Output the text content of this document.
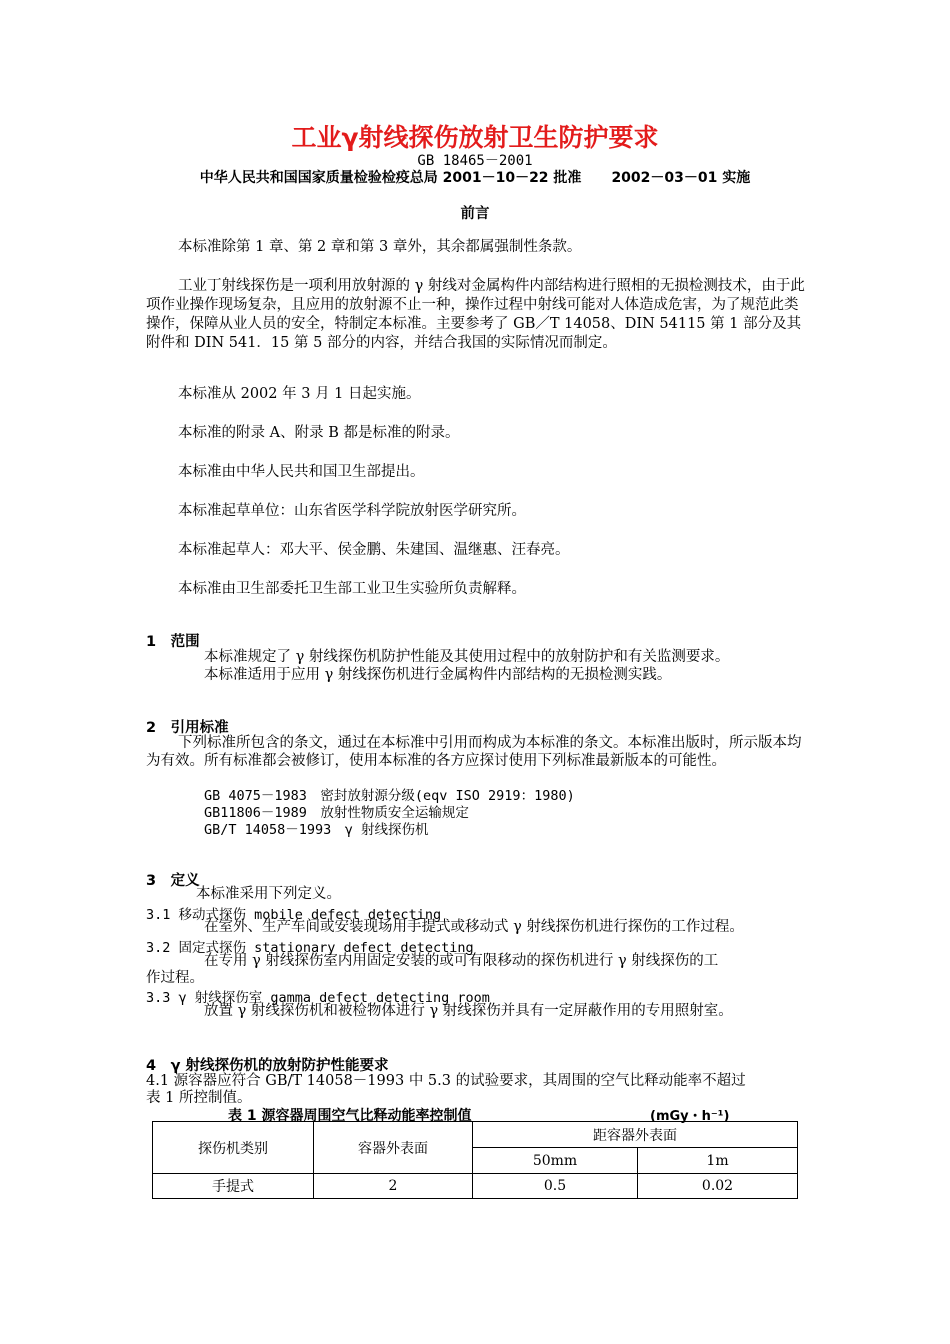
工业γ射线探伤放射卫生防护要求
GB 18465－2001
中华人民共和国国家质量检验检疫总局 2001－10－22 批准 2002－03－01 实施
前言
本标准除第 1 章、第 2 章和第 3 章外，其余都属强制性条款。
工业丁射线探伤是一项利用放射源的 γ 射线对金属构件内部结构进行照相的无损检测技术，由于此项作业操作现场复杂，且应用的放射源不止一种，操作过程中射线可能对人体造成危害，为了规范此类操作，保障从业人员的安全，特制定本标准。主要参考了 GB／T 14058、DIN 54115 第 1 部分及其附件和 DIN 541．15 第 5 部分的内容，并结合我国的实际情况而制定。
本标准从 2002 年 3 月 1 日起实施。
本标准的附录 A、附录 B 都是标准的附录。
本标准由中华人民共和国卫生部提出。
本标准起草单位：山东省医学科学院放射医学研究所。
本标准起草人：邓大平、侯金鹏、朱建国、温继惠、汪春亮。
本标准由卫生部委托卫生部工业卫生实验所负责解释。
1　范围
本标准规定了 γ 射线探伤机防护性能及其使用过程中的放射防护和有关监测要求。
本标准适用于应用 γ 射线探伤机进行金属构件内部结构的无损检测实践。
2　引用标准
下列标准所包含的条文，通过在本标准中引用而构成为本标准的条文。本标准出版时，所示版本均为有效。所有标准都会被修订，使用本标准的各方应探讨使用下列标准最新版本的可能性。
GB 4075－1983　密封放射源分级(eqv ISO 2919：1980)
GB11806－1989　放射性物质安全运输规定
GB/T 14058－1993　γ 射线探伤机
3　定义
本标准采用下列定义。
3.1 移动式探伤 mobile defect detecting
在室外、生产车间或安装现场用手提式或移动式 γ 射线探伤机进行探伤的工作过程。
3.2 固定式探伤 stationary defect detecting
在专用 γ 射线探伤室内用固定安装的或可有限移动的探伤机进行 γ 射线探伤的工
作过程。
3.3 γ 射线探伤室 gamma defect detecting room
放置 γ 射线探伤机和被检物体进行 γ 射线探伤并具有一定屏蔽作用的专用照射室。
4　γ 射线探伤机的放射防护性能要求
4.1 源容器应符合 GB/T 14058－1993 中 5.3 的试验要求，其周围的空气比释动能率不超过
表 1 所控制值。
表 1 源容器周围空气比释动能率控制值	(mGy・h⁻¹)
探伤机类别	容器外表面	距容器外表面	
		50mm	1m
手提式	2	0.5	0.02
